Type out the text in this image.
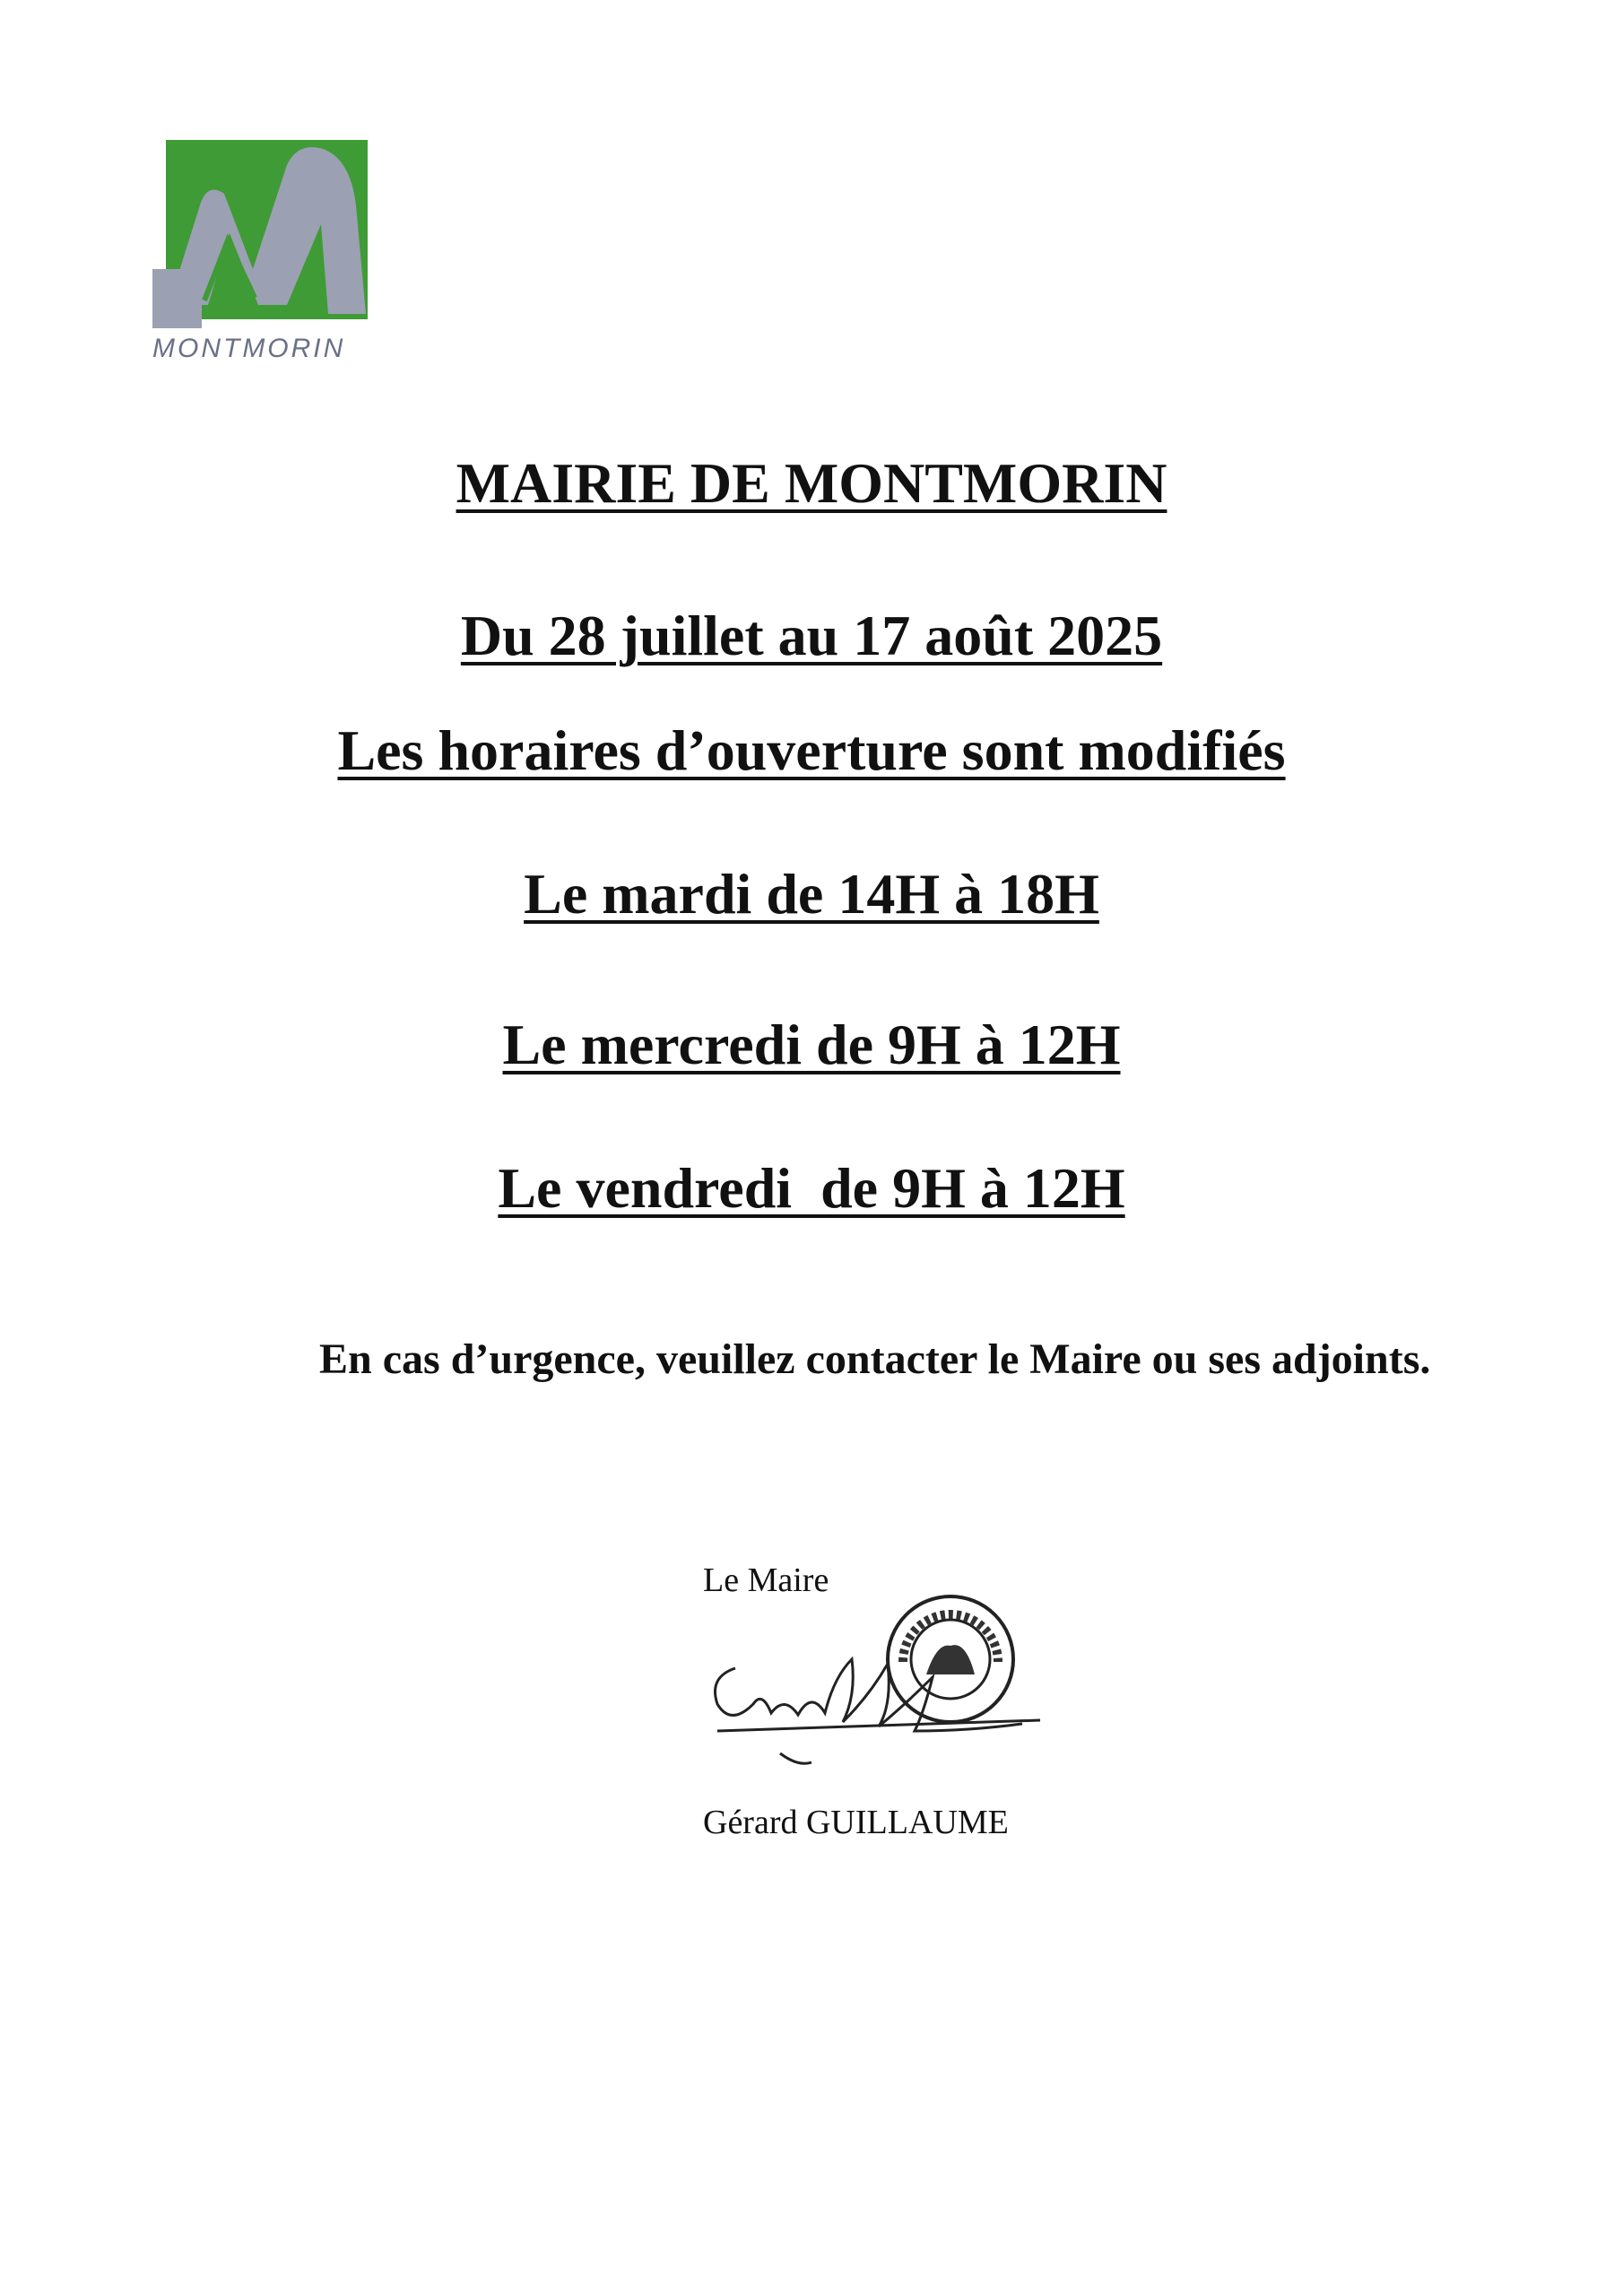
MONTMORIN
MAIRIE DE MONTMORIN
Du 28 juillet au 17 août 2025
Les horaires d’ouverture sont modifiés
Le mardi de 14H à 18H
Le mercredi de 9H à 12H
Le vendredi  de 9H à 12H
En cas d’urgence, veuillez contacter le Maire ou ses adjoints.
Le Maire
Gérard GUILLAUME
